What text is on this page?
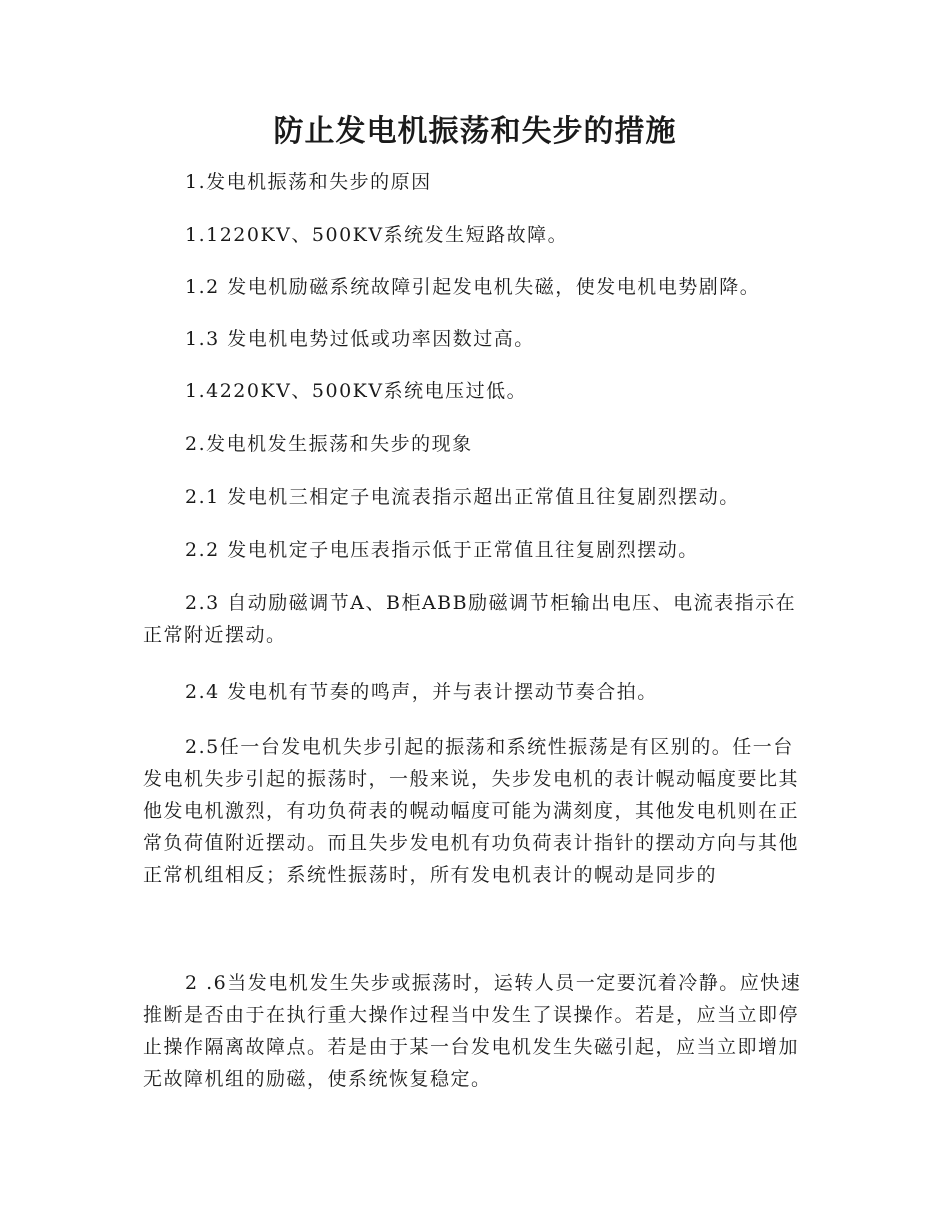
防止发电机振荡和失步的措施

1.发电机振荡和失步的原因

1.1220KV、500KV系统发生短路故障。

1.2 发电机励磁系统故障引起发电机失磁，使发电机电势剧降。

1.3 发电机电势过低或功率因数过高。

1.4220KV、500KV系统电压过低。

2.发电机发生振荡和失步的现象

2.1 发电机三相定子电流表指示超出正常值且往复剧烈摆动。

2.2 发电机定子电压表指示低于正常值且往复剧烈摆动。

2.3 自动励磁调节A、B柜ABB励磁调节柜输出电压、电流表指示在正常附近摆动。

2.4 发电机有节奏的鸣声，并与表计摆动节奏合拍。

2.5任一台发电机失步引起的振荡和系统性振荡是有区别的。任一台发电机失步引起的振荡时，一般来说，失步发电机的表计幌动幅度要比其他发电机激烈，有功负荷表的幌动幅度可能为满刻度，其他发电机则在正常负荷值附近摆动。而且失步发电机有功负荷表计指针的摆动方向与其他正常机组相反；系统性振荡时，所有发电机表计的幌动是同步的

2 .6当发电机发生失步或振荡时，运转人员一定要沉着冷静。应快速推断是否由于在执行重大操作过程当中发生了误操作。若是，应当立即停止操作隔离故障点。若是由于某一台发电机发生失磁引起，应当立即增加无故障机组的励磁，使系统恢复稳定。
